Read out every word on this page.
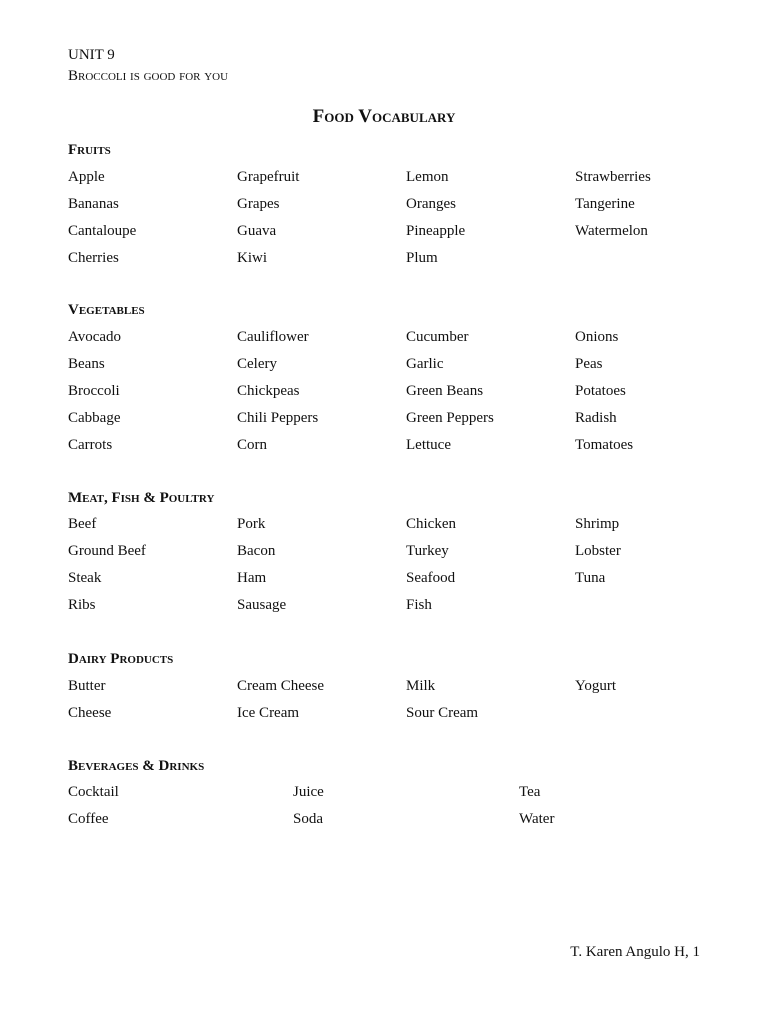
UNIT 9
Broccoli is good for you
Food Vocabulary
Fruits
Apple
Bananas
Cantaloupe
Cherries
Grapefruit
Grapes
Guava
Kiwi
Lemon
Oranges
Pineapple
Plum
Strawberries
Tangerine
Watermelon
Vegetables
Avocado
Beans
Broccoli
Cabbage
Carrots
Cauliflower
Celery
Chickpeas
Chili Peppers
Corn
Cucumber
Garlic
Green Beans
Green Peppers
Lettuce
Onions
Peas
Potatoes
Radish
Tomatoes
Meat, Fish & Poultry
Beef
Ground Beef
Steak
Ribs
Pork
Bacon
Ham
Sausage
Chicken
Turkey
Seafood
Fish
Shrimp
Lobster
Tuna
Dairy Products
Butter
Cheese
Cream Cheese
Ice Cream
Milk
Sour Cream
Yogurt
Beverages & Drinks
Cocktail
Coffee
Juice
Soda
Tea
Water
T. Karen Angulo H, 1
